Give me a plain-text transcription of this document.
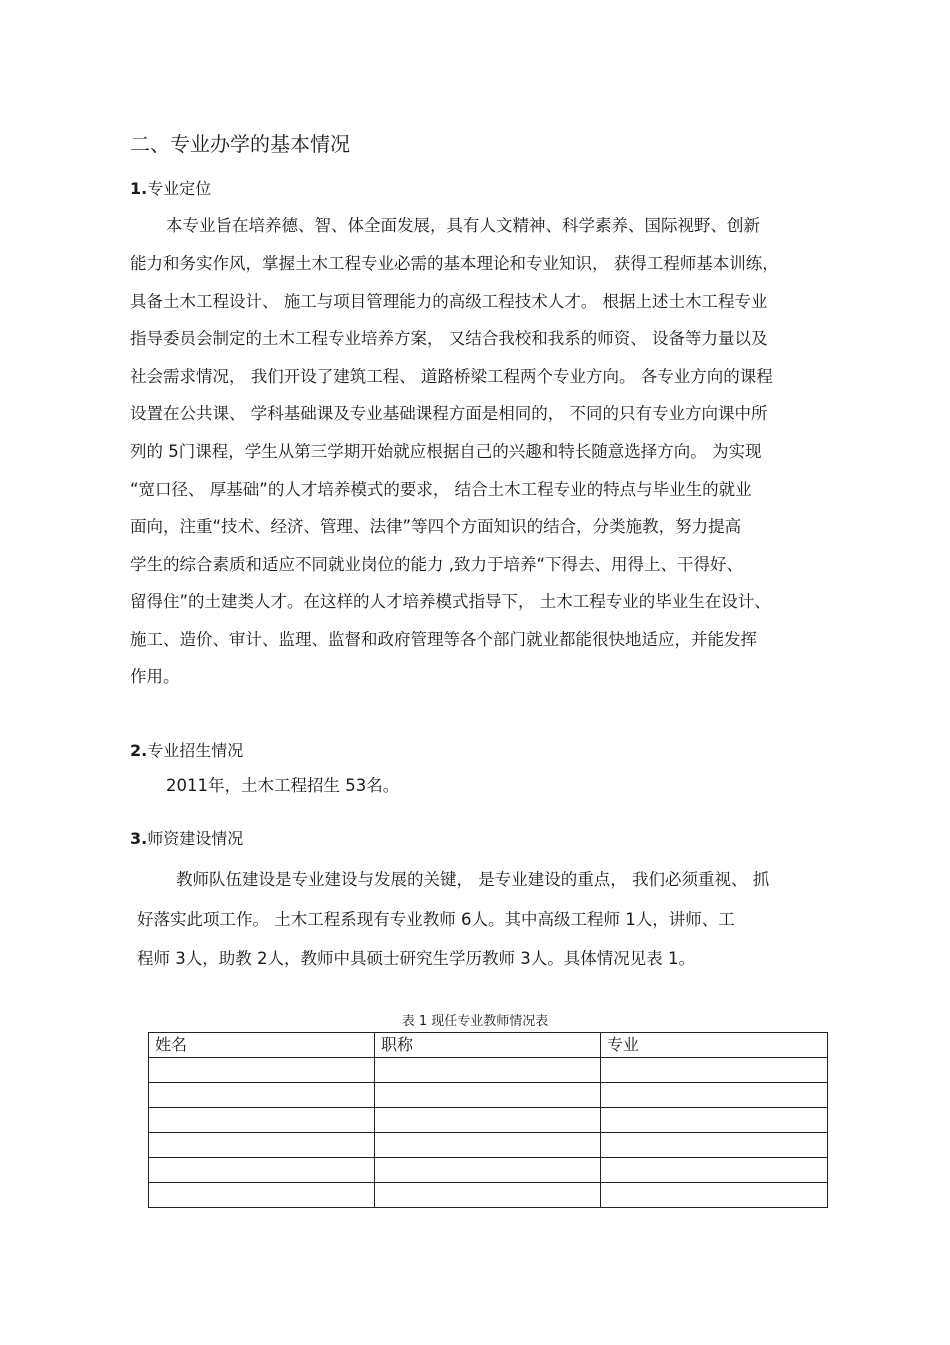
二、专业办学的基本情况
1.专业定位
本专业旨在培养德、智、体全面发展，具有人文精神、科学素养、国际视野、创新
能力和务实作风，掌握土木工程专业必需的基本理论和专业知识， 获得工程师基本训练，
具备土木工程设计、 施工与项目管理能力的高级工程技术人才。 根据上述土木工程专业
指导委员会制定的土木工程专业培养方案， 又结合我校和我系的师资、 设备等力量以及
社会需求情况， 我们开设了建筑工程、 道路桥梁工程两个专业方向。 各专业方向的课程
设置在公共课、 学科基础课及专业基础课程方面是相同的， 不同的只有专业方向课中所
列的 5门课程，学生从第三学期开始就应根据自己的兴趣和特长随意选择方向。 为实现
“宽口径、 厚基础”的人才培养模式的要求， 结合土木工程专业的特点与毕业生的就业
面向，注重“技术、经济、管理、法律”等四个方面知识的结合，分类施教，努力提高
学生的综合素质和适应不同就业岗位的能力 ,致力于培养“下得去、用得上、干得好、
留得住”的土建类人才。在这样的人才培养模式指导下， 土木工程专业的毕业生在设计、
施工、造价、审计、监理、监督和政府管理等各个部门就业都能很快地适应，并能发挥
作用。
2.专业招生情况
2011年，土木工程招生 53名。
3.师资建设情况
教师队伍建设是专业建设与发展的关键， 是专业建设的重点， 我们必须重视、 抓
好落实此项工作。 土木工程系现有专业教师 6人。其中高级工程师 1人，讲师、工
程师 3人，助教 2人，教师中具硕士研究生学历教师 3人。具体情况见表 1。
表 1 现任专业教师情况表
姓名	职称	专业
